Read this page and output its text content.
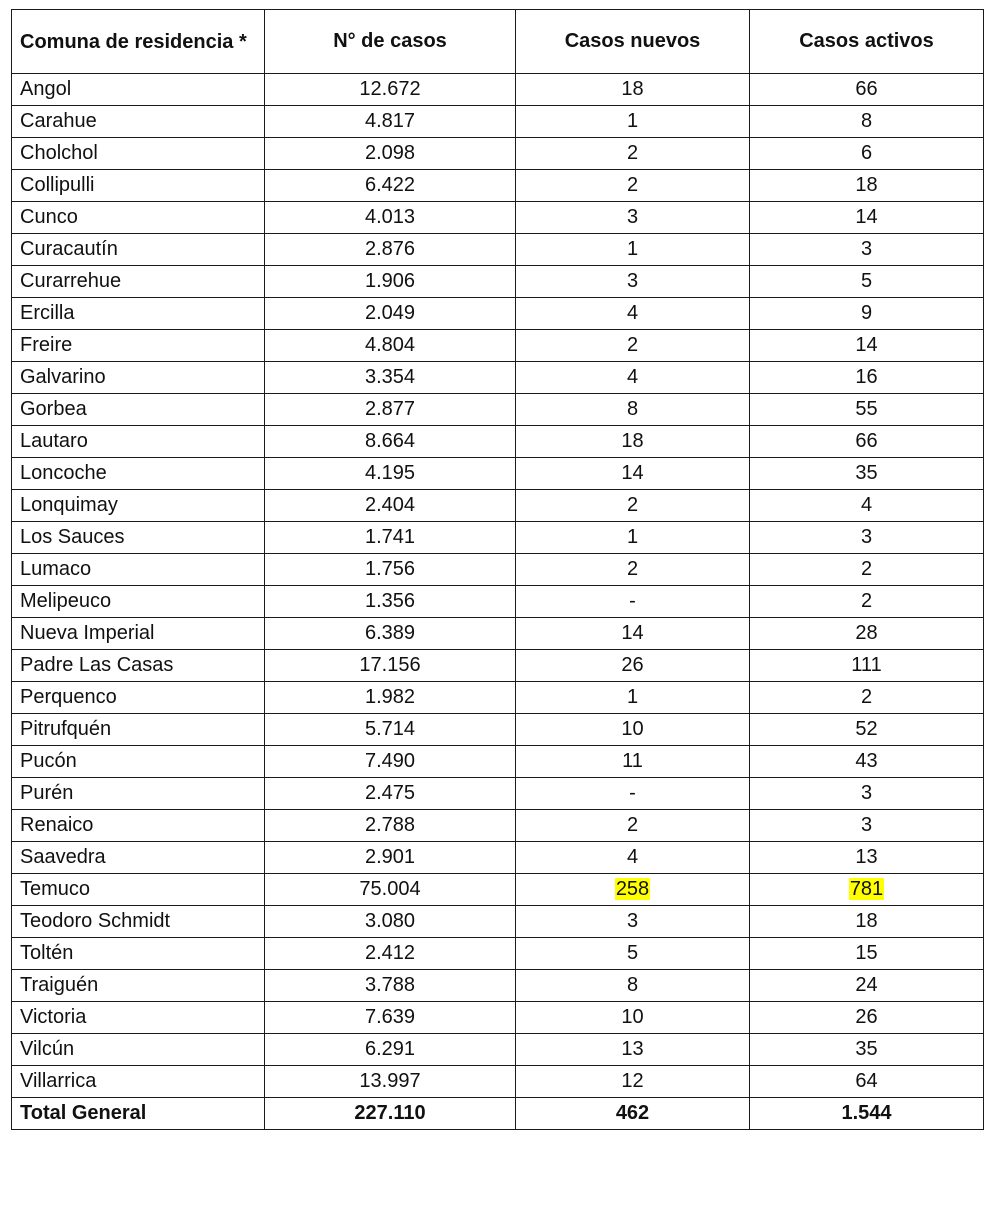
Comuna de residencia *	N° de casos	Casos nuevos	Casos activos
Angol	12.672	18	66
Carahue	4.817	1	8
Cholchol	2.098	2	6
Collipulli	6.422	2	18
Cunco	4.013	3	14
Curacautín	2.876	1	3
Curarrehue	1.906	3	5
Ercilla	2.049	4	9
Freire	4.804	2	14
Galvarino	3.354	4	16
Gorbea	2.877	8	55
Lautaro	8.664	18	66
Loncoche	4.195	14	35
Lonquimay	2.404	2	4
Los Sauces	1.741	1	3
Lumaco	1.756	2	2
Melipeuco	1.356	-	2
Nueva Imperial	6.389	14	28
Padre Las Casas	17.156	26	111
Perquenco	1.982	1	2
Pitrufquén	5.714	10	52
Pucón	7.490	11	43
Purén	2.475	-	3
Renaico	2.788	2	3
Saavedra	2.901	4	13
Temuco	75.004	258	781
Teodoro Schmidt	3.080	3	18
Toltén	2.412	5	15
Traiguén	3.788	8	24
Victoria	7.639	10	26
Vilcún	6.291	13	35
Villarrica	13.997	12	64
Total General	227.110	462	1.544
